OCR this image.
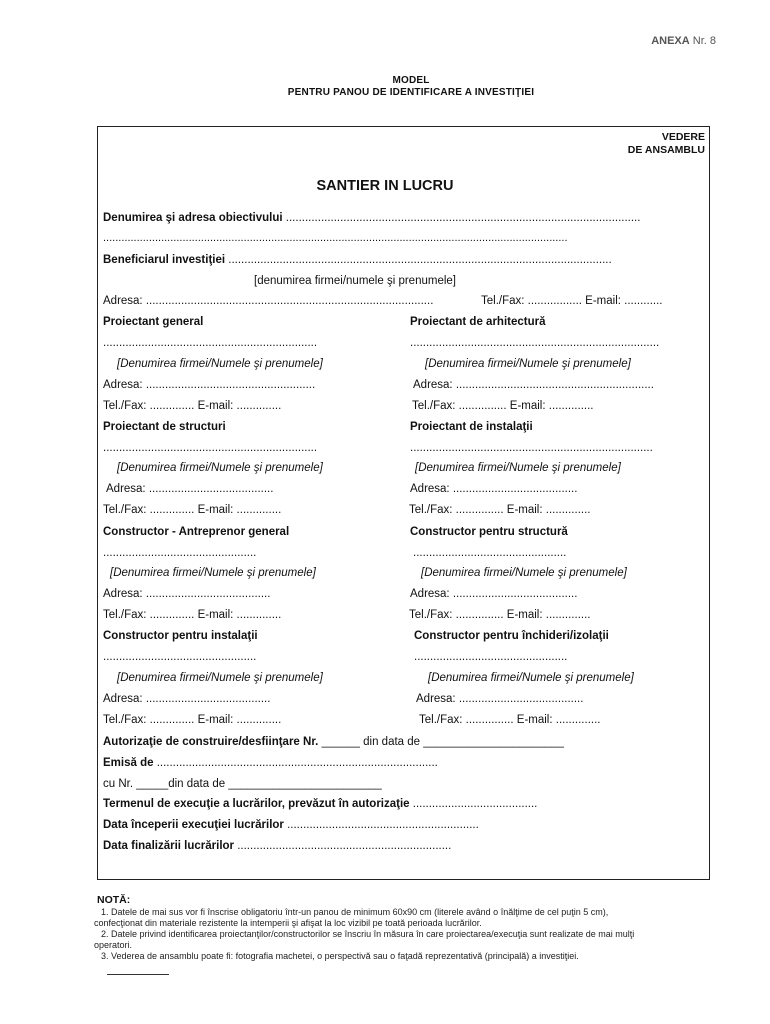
ANEXA Nr. 8
MODEL
PENTRU PANOU DE IDENTIFICARE A INVESTIŢIEI
VEDERE
DE ANSAMBLU
SANTIER IN LUCRU
Denumirea şi adresa obiectivului ...............................................................................................................
........................................................................................................................................................
Beneficiarul investiţiei ........................................................................................................................
[denumirea firmei/numele şi prenumele]
Adresa: ..........................................................................................	Tel./Fax: ................. E-mail: ............
Proiectant general
...................................................................
[Denumirea firmei/Numele şi prenumele]
Adresa: .....................................................
Tel./Fax: .............. E-mail: ..............
Proiectant de arhitectură
..............................................................................
[Denumirea firmei/Numele şi prenumele]
Adresa: ..............................................................
Tel./Fax: ............... E-mail: ..............
Proiectant de structuri
...................................................................
[Denumirea firmei/Numele şi prenumele]
Adresa: .......................................
Tel./Fax: .............. E-mail: ..............
Proiectant de instalaţii
............................................................................
[Denumirea firmei/Numele şi prenumele]
Adresa: .......................................
Tel./Fax: ............... E-mail: ..............
Constructor - Antreprenor general
................................................
[Denumirea firmei/Numele şi prenumele]
Adresa: .......................................
Tel./Fax: .............. E-mail: ..............
Constructor pentru structură
................................................
[Denumirea firmei/Numele şi prenumele]
Adresa: .......................................
Tel./Fax: ............... E-mail: ..............
Constructor pentru instalaţii
................................................
[Denumirea firmei/Numele şi prenumele]
Adresa: .......................................
Tel./Fax: .............. E-mail: ..............
Constructor pentru închideri/izolaţii
................................................
[Denumirea firmei/Numele şi prenumele]
Adresa: .......................................
Tel./Fax: ............... E-mail: ..............
Autorizaţie de construire/desfiinţare Nr. ______ din data de ______________________
Emisă de ........................................................................................
cu Nr. _____din data de ________________________
Termenul de execuţie a lucrărilor, prevăzut în autorizaţie .......................................
Data începerii execuţiei lucrărilor ............................................................
Data finalizării lucrărilor ...................................................................
NOTĂ:
1. Datele de mai sus vor fi înscrise obligatoriu într-un panou de minimum 60x90 cm (literele având o înălţime de cel puţin 5 cm),
confecţionat din materiale rezistente la intemperii şi afişat la loc vizibil pe toată perioada lucrărilor.
2. Datele privind identificarea proiectanţilor/constructorilor se înscriu în măsura în care proiectarea/execuţia sunt realizate de mai mulţi
operatori.
3. Vederea de ansamblu poate fi: fotografia machetei, o perspectivă sau o faţadă reprezentativă (principală) a investiţiei.
